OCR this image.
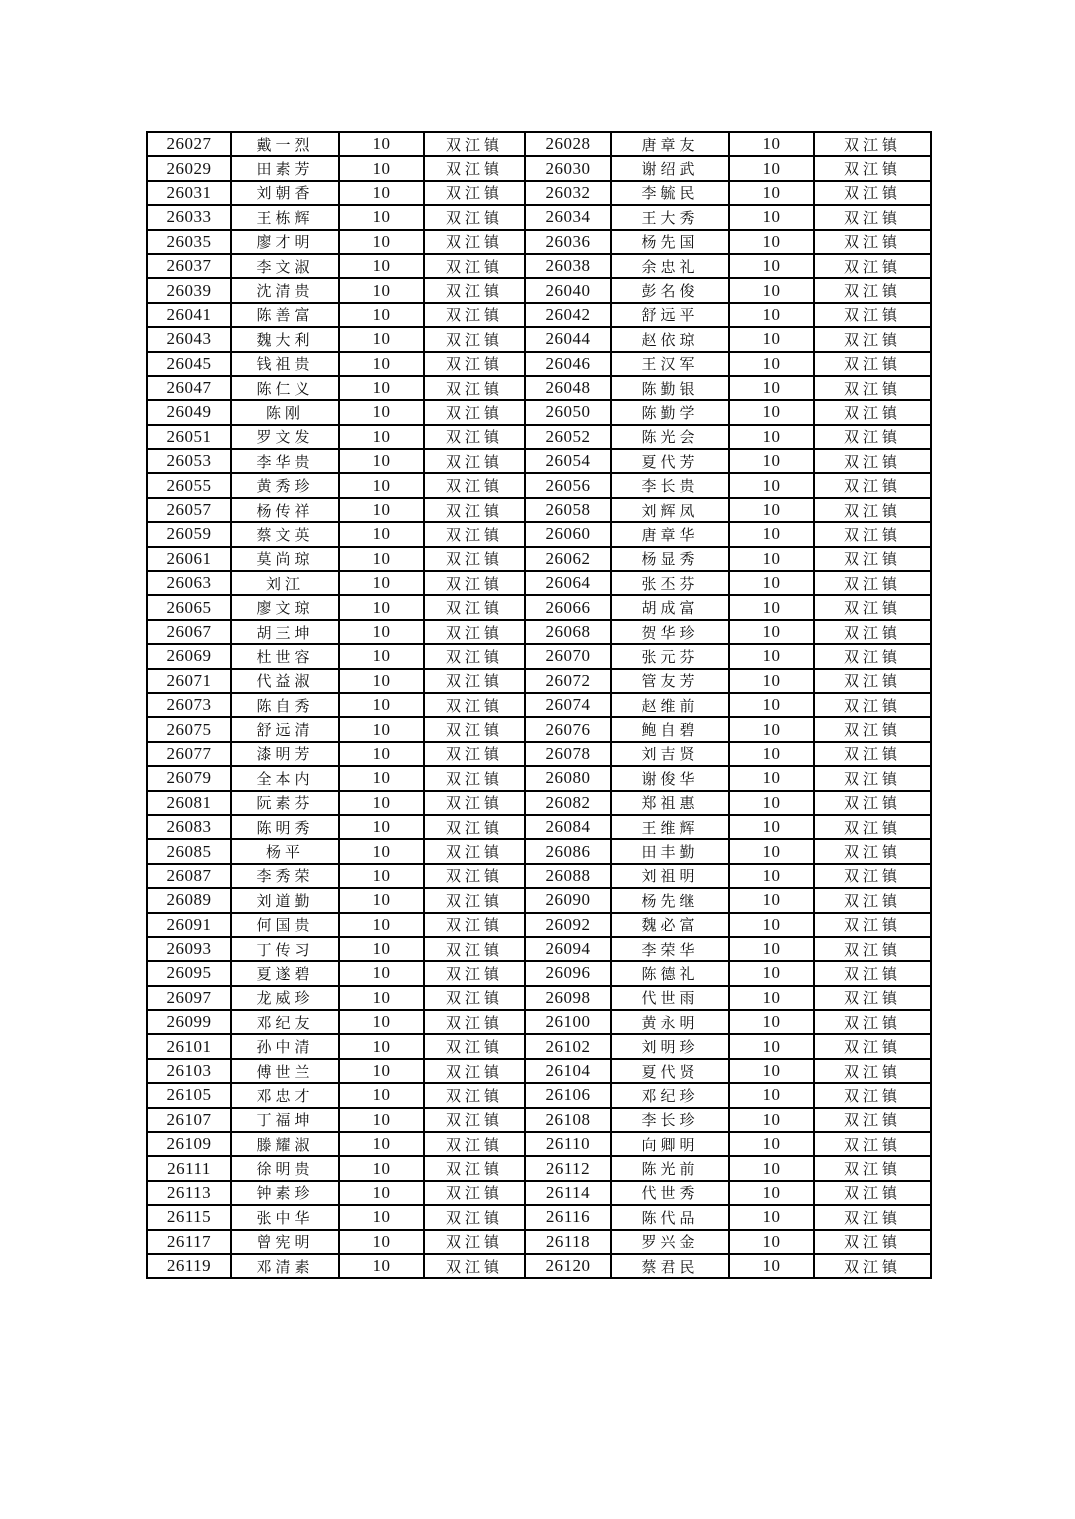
26027	戴一烈	10	双江镇	26028	唐章友	10	双江镇
26029	田素芳	10	双江镇	26030	谢绍武	10	双江镇
26031	刘朝香	10	双江镇	26032	李毓民	10	双江镇
26033	王栋辉	10	双江镇	26034	王大秀	10	双江镇
26035	廖才明	10	双江镇	26036	杨先国	10	双江镇
26037	李文淑	10	双江镇	26038	余忠礼	10	双江镇
26039	沈清贵	10	双江镇	26040	彭名俊	10	双江镇
26041	陈善富	10	双江镇	26042	舒远平	10	双江镇
26043	魏大利	10	双江镇	26044	赵依琼	10	双江镇
26045	钱祖贵	10	双江镇	26046	王汉军	10	双江镇
26047	陈仁义	10	双江镇	26048	陈勤银	10	双江镇
26049	陈刚	10	双江镇	26050	陈勤学	10	双江镇
26051	罗文发	10	双江镇	26052	陈光会	10	双江镇
26053	李华贵	10	双江镇	26054	夏代芳	10	双江镇
26055	黄秀珍	10	双江镇	26056	李长贵	10	双江镇
26057	杨传祥	10	双江镇	26058	刘辉凤	10	双江镇
26059	蔡文英	10	双江镇	26060	唐章华	10	双江镇
26061	莫尚琼	10	双江镇	26062	杨显秀	10	双江镇
26063	刘江	10	双江镇	26064	张丕芬	10	双江镇
26065	廖文琼	10	双江镇	26066	胡成富	10	双江镇
26067	胡三坤	10	双江镇	26068	贺华珍	10	双江镇
26069	杜世容	10	双江镇	26070	张元芬	10	双江镇
26071	代益淑	10	双江镇	26072	管友芳	10	双江镇
26073	陈自秀	10	双江镇	26074	赵维前	10	双江镇
26075	舒远清	10	双江镇	26076	鲍自碧	10	双江镇
26077	漆明芳	10	双江镇	26078	刘吉贤	10	双江镇
26079	全本内	10	双江镇	26080	谢俊华	10	双江镇
26081	阮素芬	10	双江镇	26082	郑祖惠	10	双江镇
26083	陈明秀	10	双江镇	26084	王维辉	10	双江镇
26085	杨平	10	双江镇	26086	田丰勤	10	双江镇
26087	李秀荣	10	双江镇	26088	刘祖明	10	双江镇
26089	刘道勤	10	双江镇	26090	杨先继	10	双江镇
26091	何国贵	10	双江镇	26092	魏必富	10	双江镇
26093	丁传习	10	双江镇	26094	李荣华	10	双江镇
26095	夏遂碧	10	双江镇	26096	陈德礼	10	双江镇
26097	龙威珍	10	双江镇	26098	代世雨	10	双江镇
26099	邓纪友	10	双江镇	26100	黄永明	10	双江镇
26101	孙中清	10	双江镇	26102	刘明珍	10	双江镇
26103	傅世兰	10	双江镇	26104	夏代贤	10	双江镇
26105	邓忠才	10	双江镇	26106	邓纪珍	10	双江镇
26107	丁福坤	10	双江镇	26108	李长珍	10	双江镇
26109	滕耀淑	10	双江镇	26110	向卿明	10	双江镇
26111	徐明贵	10	双江镇	26112	陈光前	10	双江镇
26113	钟素珍	10	双江镇	26114	代世秀	10	双江镇
26115	张中华	10	双江镇	26116	陈代品	10	双江镇
26117	曾宪明	10	双江镇	26118	罗兴金	10	双江镇
26119	邓清素	10	双江镇	26120	蔡君民	10	双江镇
